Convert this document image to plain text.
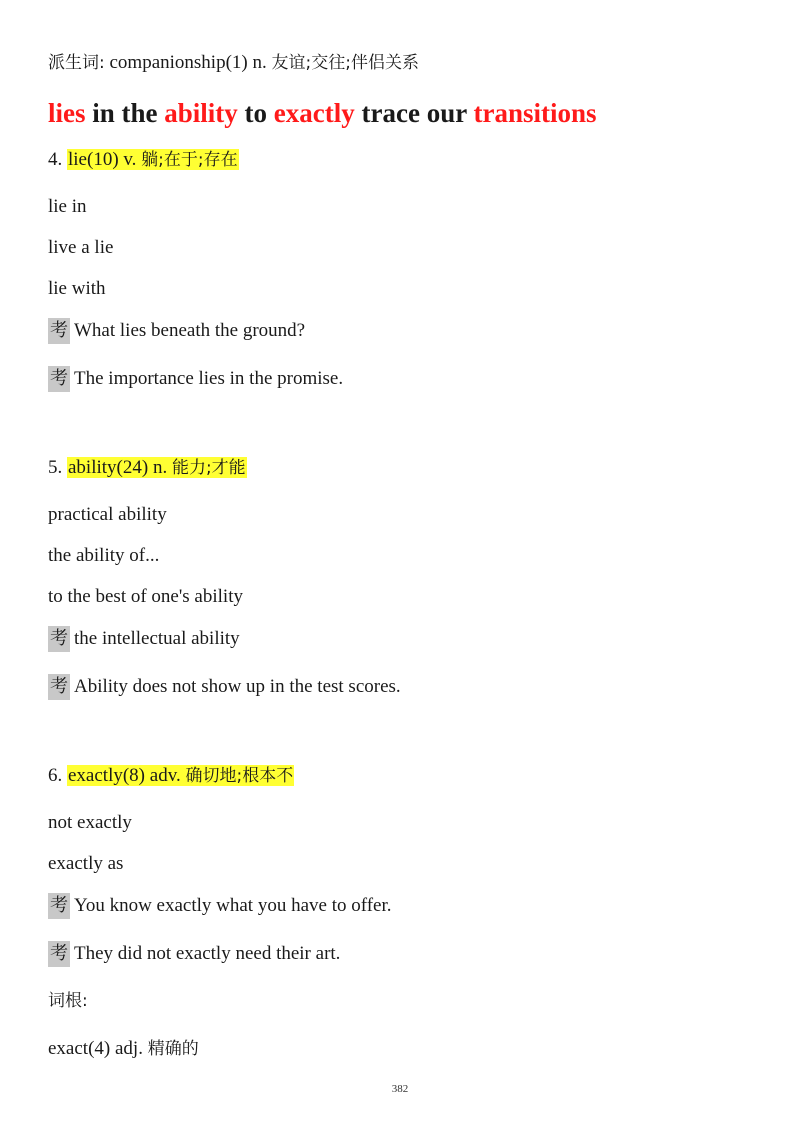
派生词: companionship(1) n. 友谊;交往;伴侣关系
lies in the ability to exactly trace our transitions
4. lie(10) v. 躺;在于;存在
lie in
live a lie
lie with
考 What lies beneath the ground?
考 The importance lies in the promise.
5. ability(24) n. 能力;才能
practical ability
the ability of...
to the best of one's ability
考 the intellectual ability
考 Ability does not show up in the test scores.
6. exactly(8) adv. 确切地;根本不
not exactly
exactly as
考 You know exactly what you have to offer.
考 They did not exactly need their art.
词根:
exact(4) adj. 精确的
382
